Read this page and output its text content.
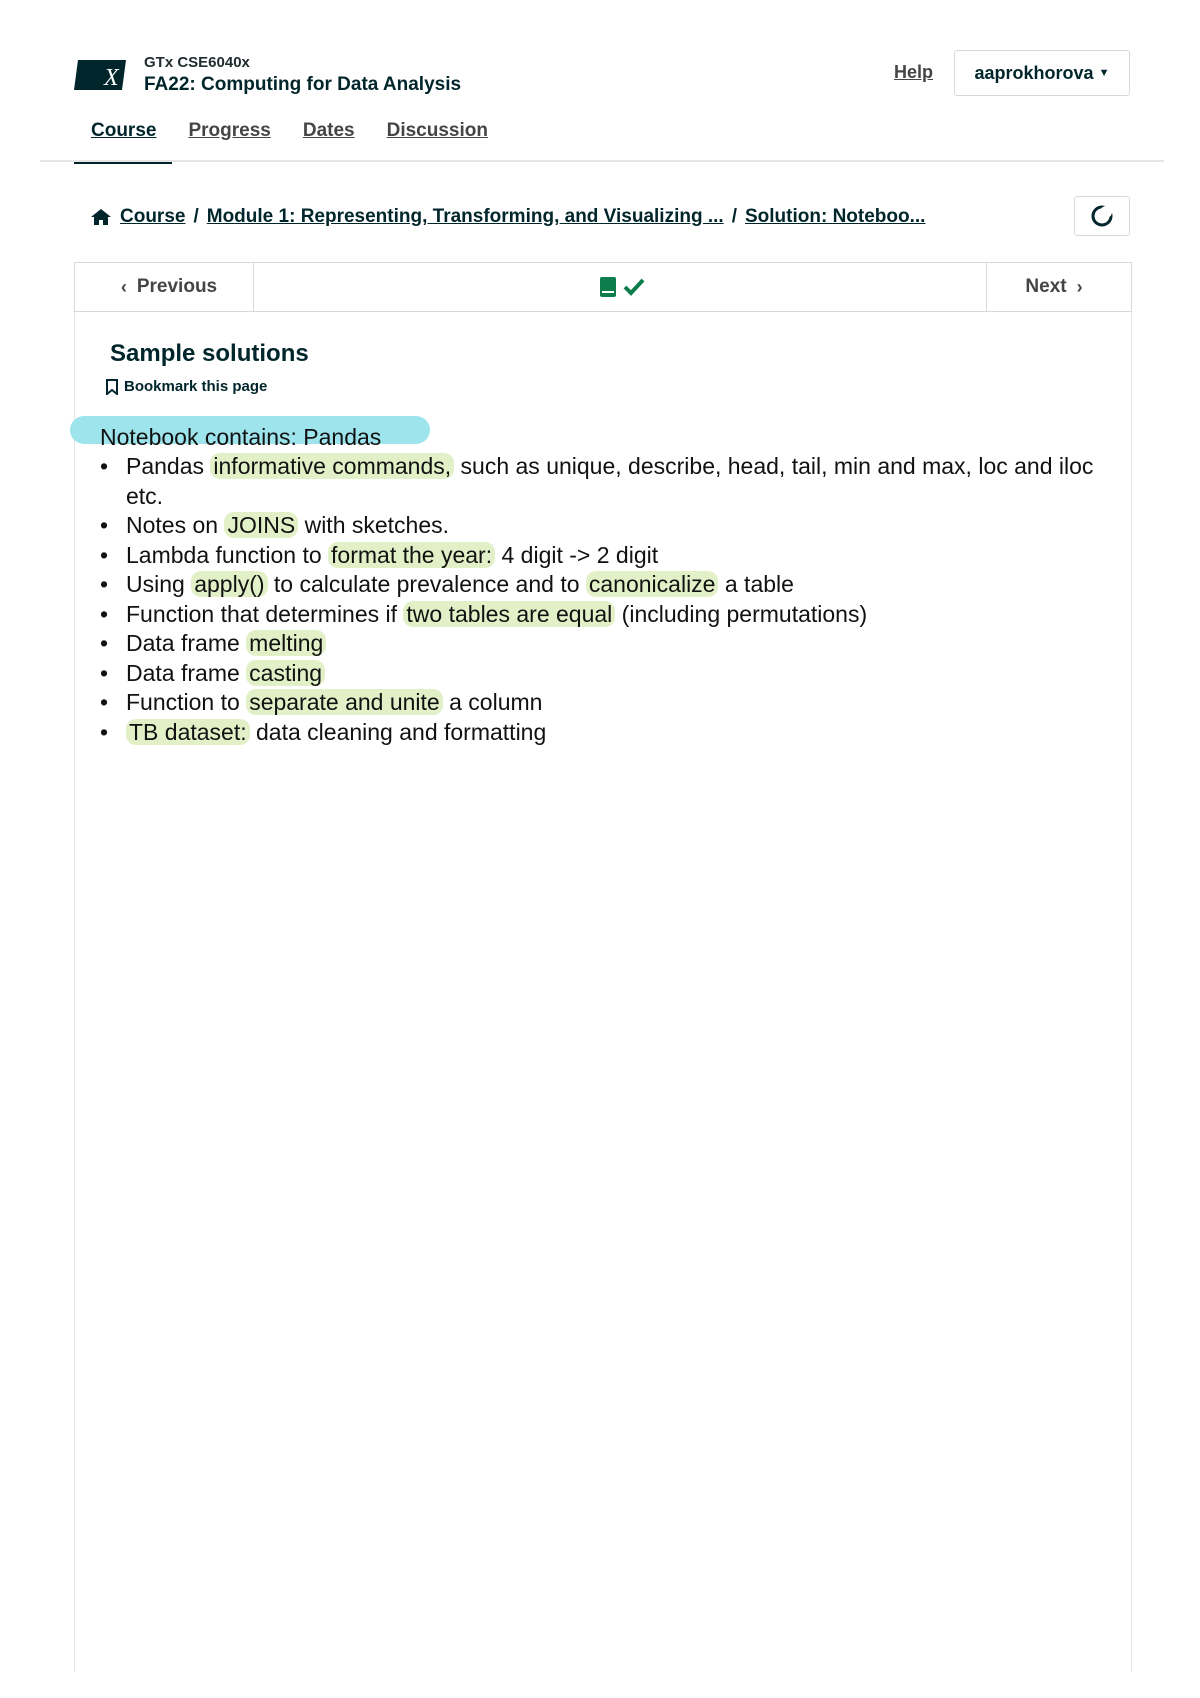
X
GTx CSE6040x
FA22: Computing for Data Analysis
Help aaprokhorova ▼
Course	Progress	Dates	Discussion
Course / Module 1: Representing, Transforming, and Visualizing ... / Solution: Noteboo...
‹ Previous	Next ›
Sample solutions
Bookmark this page
Notebook contains: Pandas
• Pandas informative commands, such as unique, describe, head, tail, min and max, loc and iloc etc.
• Notes on JOINS with sketches.
• Lambda function to format the year: 4 digit -> 2 digit
• Using apply() to calculate prevalence and to canonicalize a table
• Function that determines if two tables are equal (including permutations)
• Data frame melting
• Data frame casting
• Function to separate and unite a column
• TB dataset: data cleaning and formatting
